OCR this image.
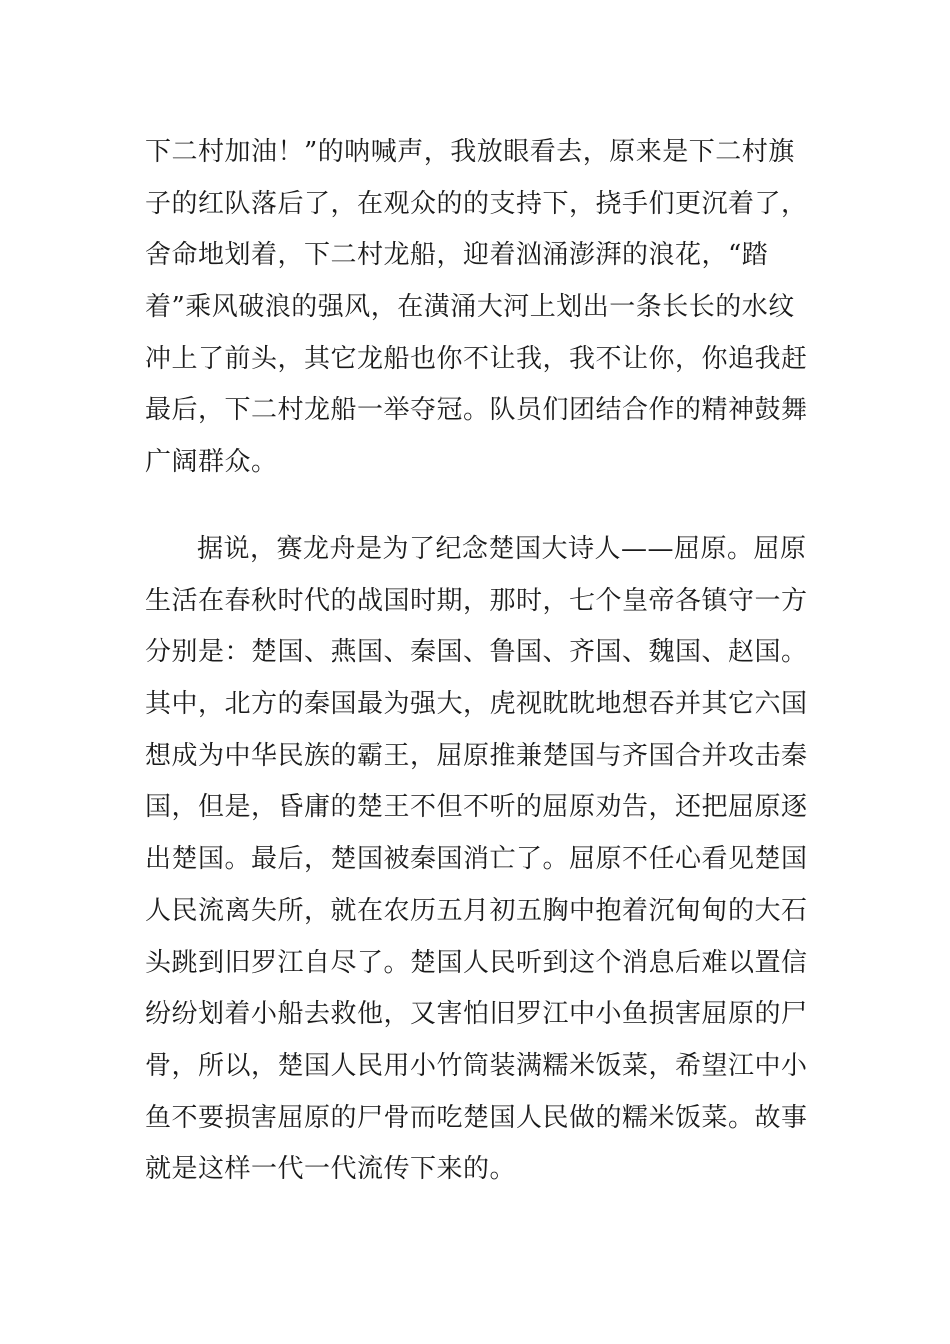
下二村加油！”的呐喊声，我放眼看去，原来是下二村旗
子的红队落后了，在观众的的支持下，挠手们更沉着了，
舍命地划着，下二村龙船，迎着汹涌澎湃的浪花，“踏
着”乘风破浪的强风，在潢涌大河上划出一条长长的水纹
冲上了前头，其它龙船也你不让我，我不让你，你追我赶
最后，下二村龙船一举夺冠。队员们团结合作的精神鼓舞
广阔群众。
据说，赛龙舟是为了纪念楚国大诗人——屈原。屈原
生活在春秋时代的战国时期，那时，七个皇帝各镇守一方
分别是：楚国、燕国、秦国、鲁国、齐国、魏国、赵国。
其中，北方的秦国最为强大，虎视眈眈地想吞并其它六国
想成为中华民族的霸王，屈原推兼楚国与齐国合并攻击秦
国，但是，昏庸的楚王不但不听的屈原劝告，还把屈原逐
出楚国。最后，楚国被秦国消亡了。屈原不任心看见楚国
人民流离失所，就在农历五月初五胸中抱着沉甸甸的大石
头跳到旧罗江自尽了。楚国人民听到这个消息后难以置信
纷纷划着小船去救他，又害怕旧罗江中小鱼损害屈原的尸
骨，所以，楚国人民用小竹筒装满糯米饭菜，希望江中小
鱼不要损害屈原的尸骨而吃楚国人民做的糯米饭菜。故事
就是这样一代一代流传下来的。
